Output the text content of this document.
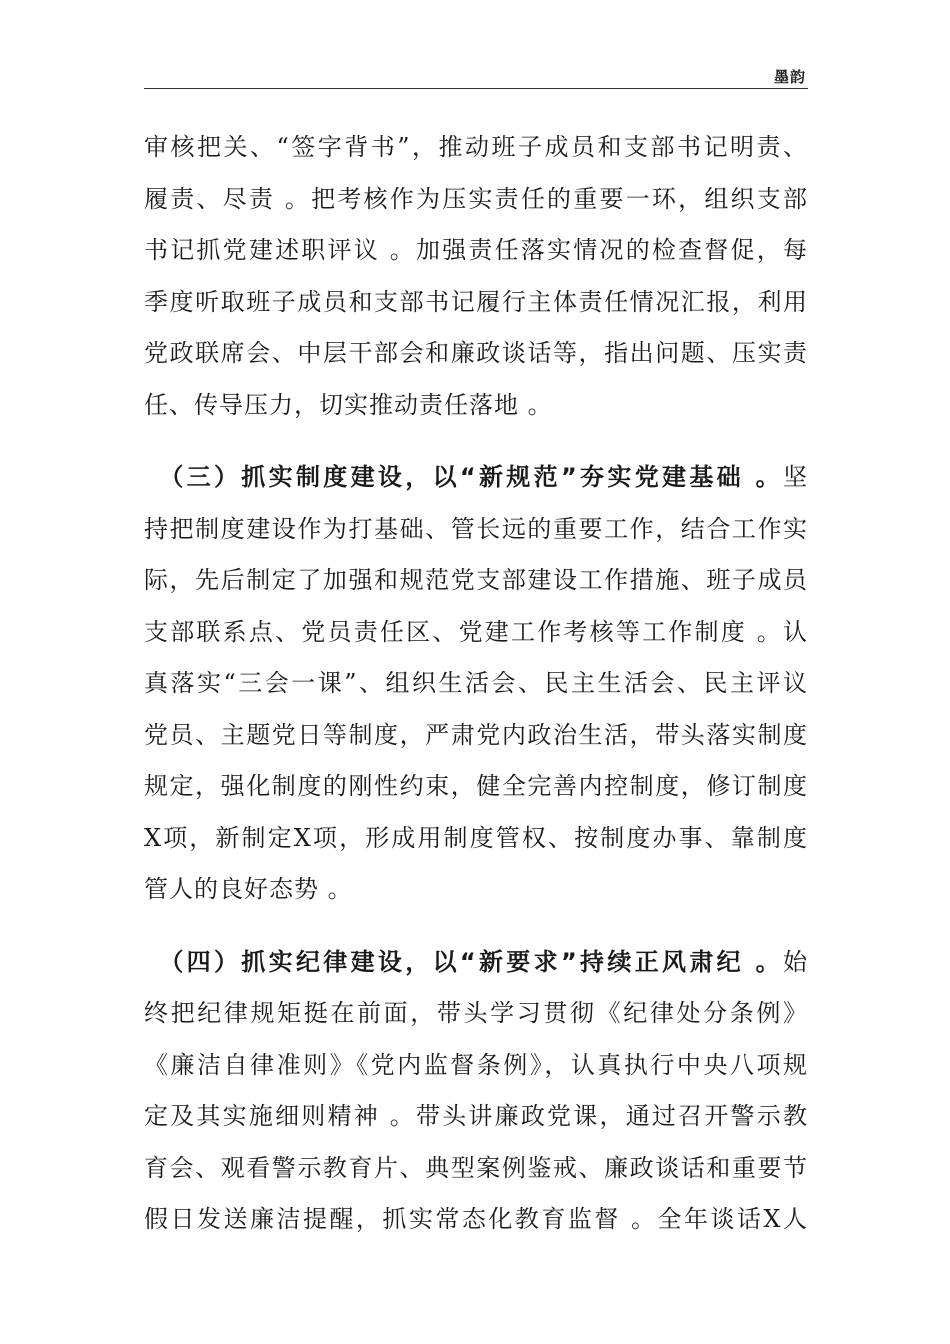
墨韵
审核把关、“签字背书”，推动班子成员和支部书记明责、
履责、尽责 。把考核作为压实责任的重要一环，组织支部
书记抓党建述职评议 。加强责任落实情况的检查督促，每
季度听取班子成员和支部书记履行主体责任情况汇报，利用
党政联席会、中层干部会和廉政谈话等，指出问题、压实责
任、传导压力，切实推动责任落地 。
　（三）抓实制度建设，以“新规范”夯实党建基础 。坚
持把制度建设作为打基础、管长远的重要工作，结合工作实
际，先后制定了加强和规范党支部建设工作措施、班子成员
支部联系点、党员责任区、党建工作考核等工作制度 。认
真落实“三会一课”、组织生活会、民主生活会、民主评议
党员、主题党日等制度，严肃党内政治生活，带头落实制度
规定，强化制度的刚性约束，健全完善内控制度，修订制度
X项，新制定X项，形成用制度管权、按制度办事、靠制度
管人的良好态势 。
　（四）抓实纪律建设，以“新要求”持续正风肃纪 。始
终把纪律规矩挺在前面，带头学习贯彻《纪律处分条例》
《廉洁自律准则》《党内监督条例》，认真执行中央八项规
定及其实施细则精神 。带头讲廉政党课，通过召开警示教
育会、观看警示教育片、典型案例鉴戒、廉政谈话和重要节
假日发送廉洁提醒，抓实常态化教育监督 。全年谈话X人
